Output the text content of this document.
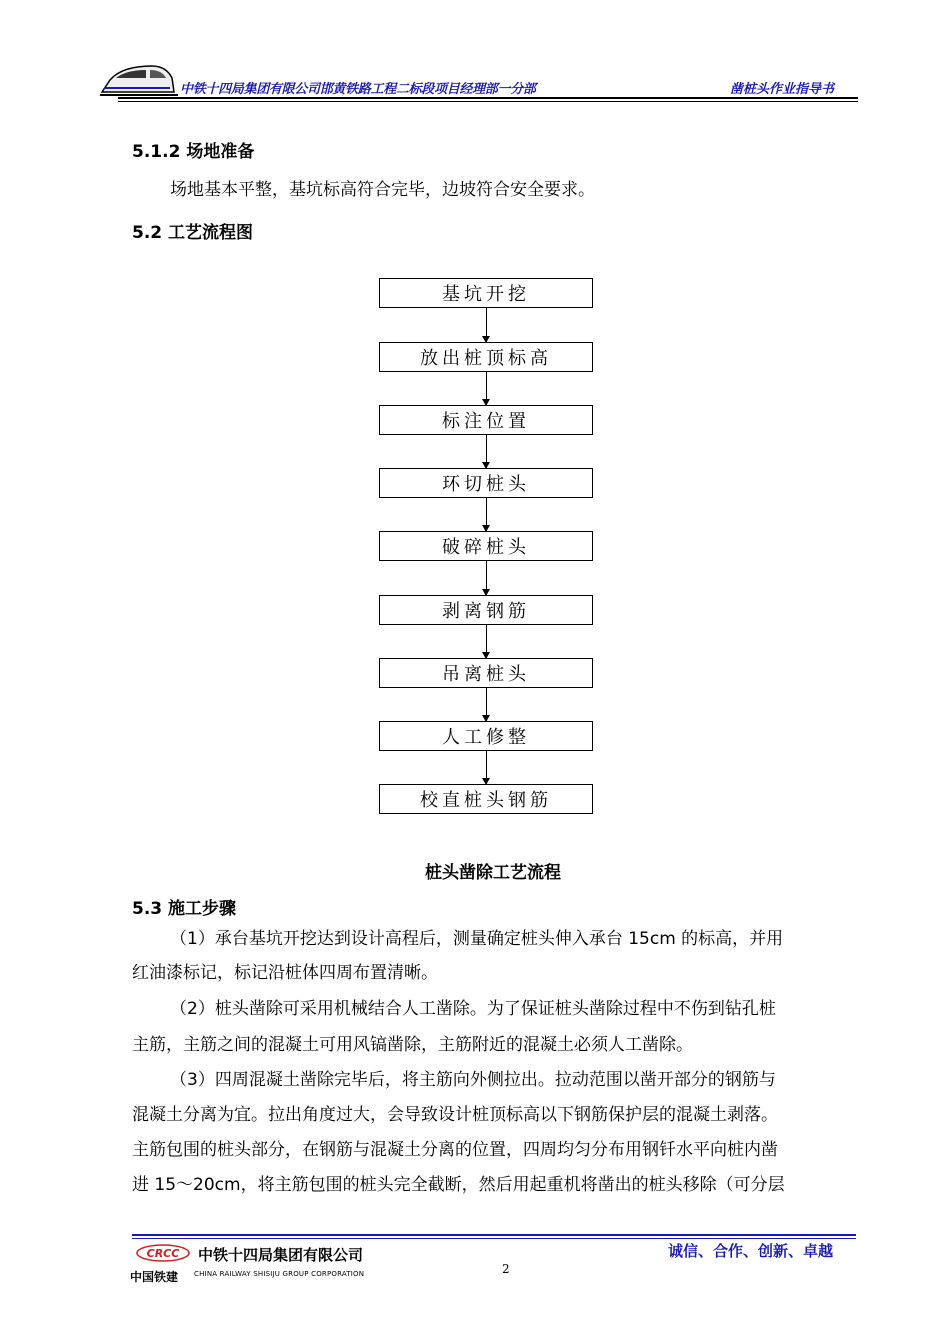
中铁十四局集团有限公司邯黄铁路工程二标段项目经理部一分部	凿桩头作业指导书
5.1.2 场地准备
场地基本平整，基坑标高符合完毕，边坡符合安全要求。
5.2 工艺流程图
基坑开挖
放出桩顶标高
标注位置
环切桩头
破碎桩头
剥离钢筋
吊离桩头
人工修整
校直桩头钢筋
桩头凿除工艺流程
5.3 施工步骤
（1）承台基坑开挖达到设计高程后，测量确定桩头伸入承台 15cm 的标高，并用
红油漆标记，标记沿桩体四周布置清晰。
（2）桩头凿除可采用机械结合人工凿除。为了保证桩头凿除过程中不伤到钻孔桩
主筋，主筋之间的混凝土可用风镐凿除，主筋附近的混凝土必须人工凿除。
（3）四周混凝土凿除完毕后，将主筋向外侧拉出。拉动范围以凿开部分的钢筋与
混凝土分离为宜。拉出角度过大，会导致设计桩顶标高以下钢筋保护层的混凝土剥落。
主筋包围的桩头部分，在钢筋与混凝土分离的位置，四周均匀分布用钢钎水平向桩内凿
进 15～20cm，将主筋包围的桩头完全截断，然后用起重机将凿出的桩头移除（可分层
CRCC 中铁十四局集团有限公司
中国铁建 CHINA RAILWAY SHISIJU GROUP CORPORATION	2
诚信、合作、创新、卓越
